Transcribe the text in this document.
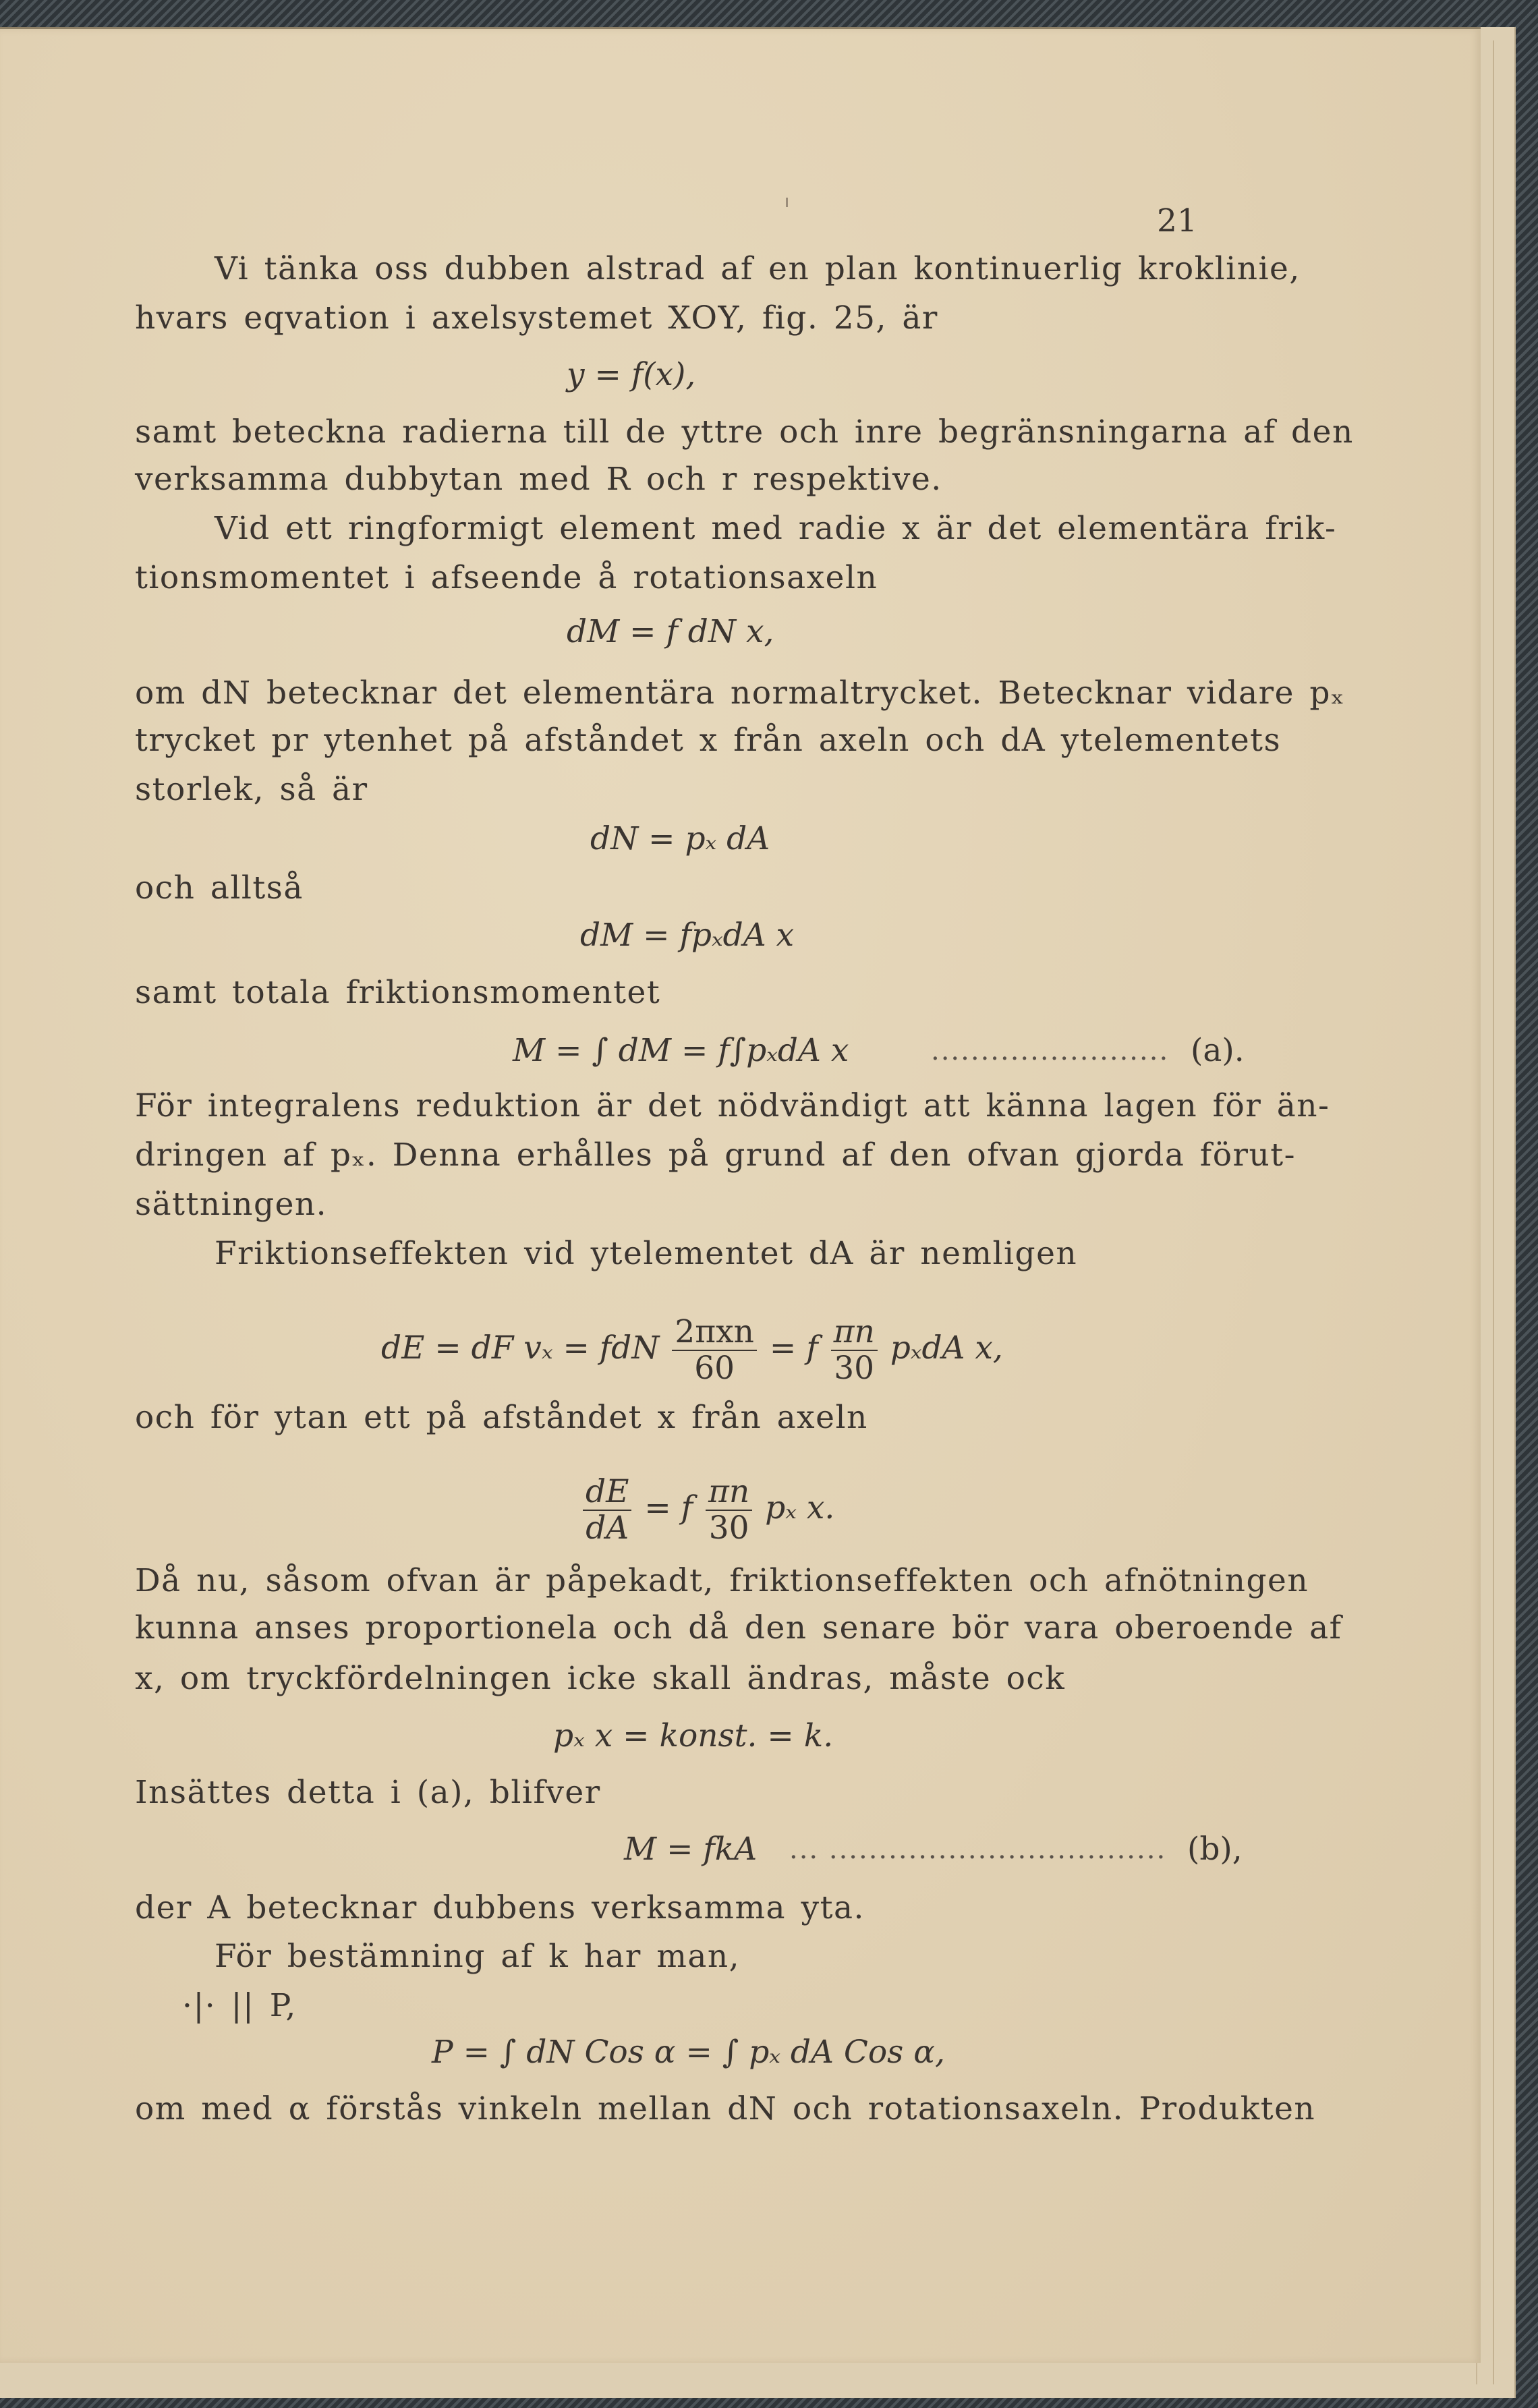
21
Vi tänka oss dubben alstrad af en plan kontinuerlig kroklinie,
hvars eqvation i axelsystemet XOY, fig. 25, är
y = f(x),
samt beteckna radierna till de yttre och inre begränsningarna af den
verksamma dubbytan med R och r respektive.
Vid ett ringformigt element med radie x är det elementära frik-
tionsmomentet i afseende å rotationsaxeln
dM = f dN x,
om dN betecknar det elementära normaltrycket. Betecknar vidare pₓ
trycket pr ytenhet på afståndet x från axeln och dA ytelementets
storlek, så är
dN = pₓ dA
och alltså
dM = fpₓdA x
samt totala friktionsmomentet
M = ∫ dM = f∫pₓdA x	........................ (a).
För integralens reduktion är det nödvändigt att känna lagen för än-
dringen af pₓ. Denna erhålles på grund af den ofvan gjorda förut-
sättningen.
Friktionseffekten vid ytelementet dA är nemligen
dE = dF vₓ = fdN $\frac{\text{2πxn}}{60} = f \frac{\pi n}{30}$ pₓdA x,
och för ytan ett på afståndet x från axeln
$\frac{dE}{dA} = f \frac{\pi n}{30}$ pₓ x.
Då nu, såsom ofvan är påpekadt, friktionseffekten och afnötningen
kunna anses proportionela och då den senare bör vara oberoende af
x, om tryckfördelningen icke skall ändras, måste ock
pₓ x = konst. = k.
Insättes detta i (a), blifver
M = fkA ... .................................. (b),
der A betecknar dubbens verksamma yta.
För bestämning af k har man,
·|· || P,
P = ∫ dN Cos α = ∫ pₓ dA Cos α,
om med α förstås vinkeln mellan dN och rotationsaxeln. Produkten
